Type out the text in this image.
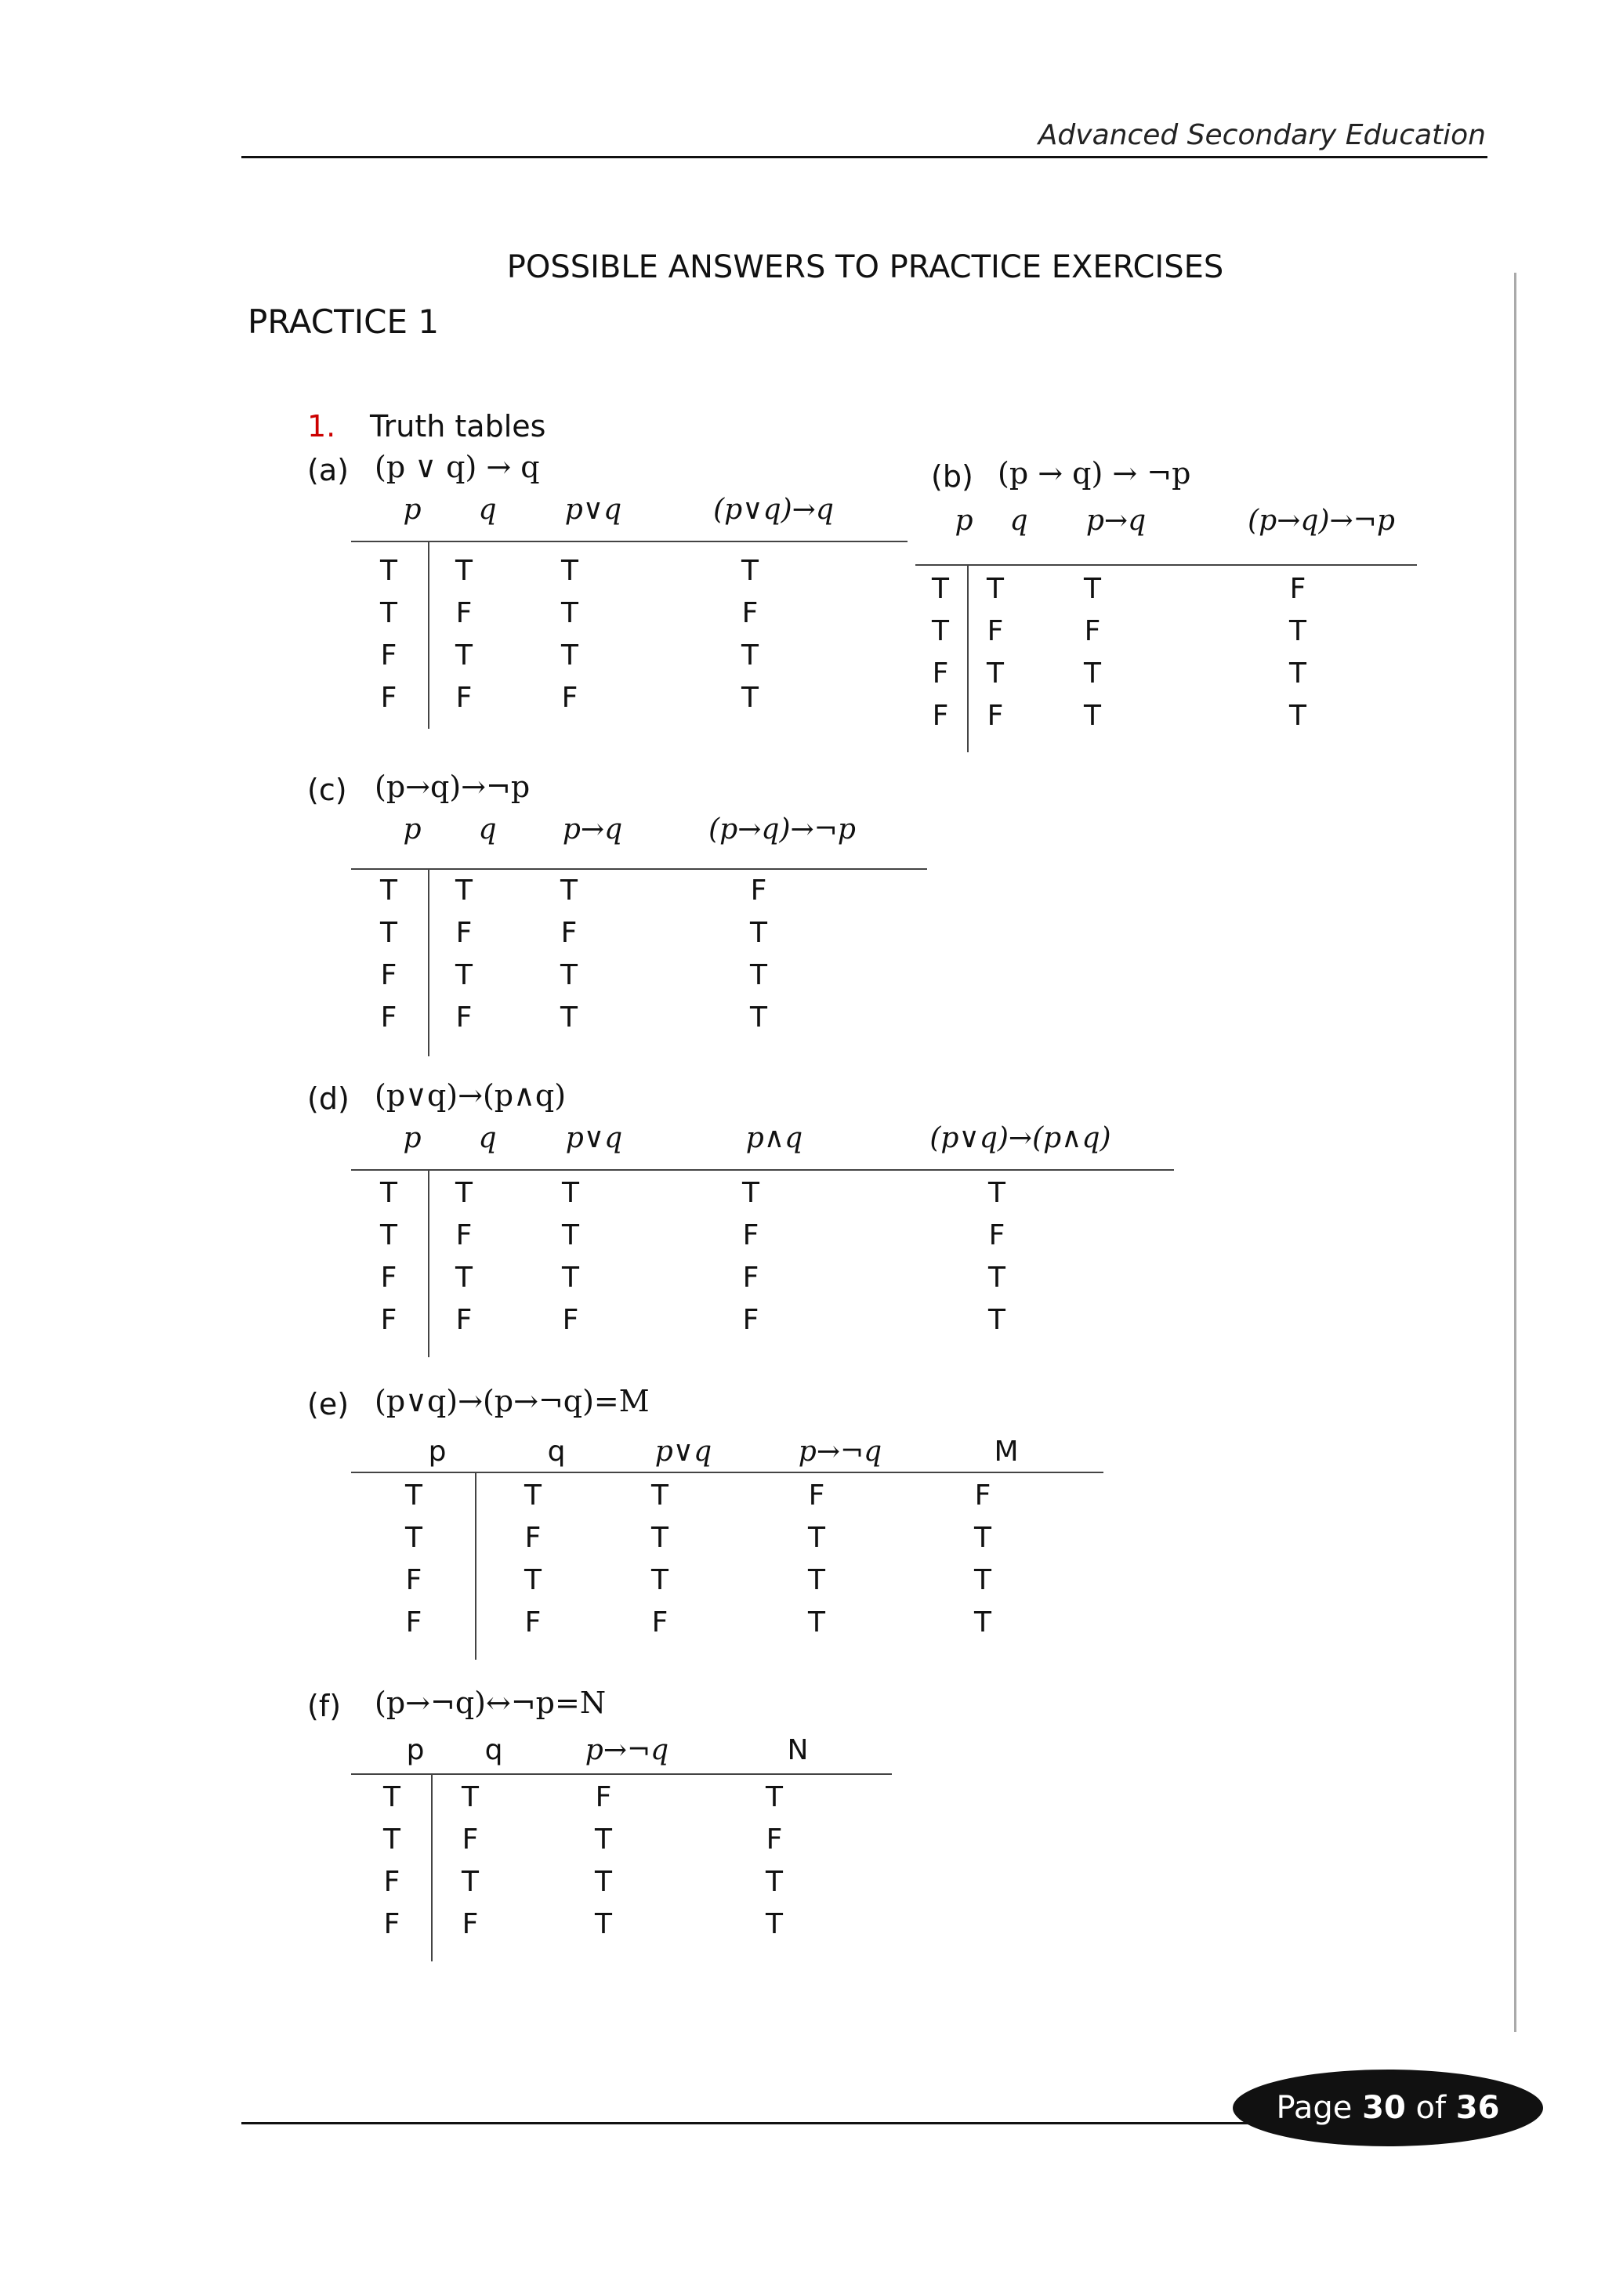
Advanced Secondary Education
POSSIBLE ANSWERS TO PRACTICE EXERCISES
PRACTICE 1
1. Truth tables
(a) (p ∨ q) → q
p	q	p∨q	(p∨q)→q
T	T	T	T
T	F	T	F
F	T	T	T
F	F	F	T
(b) (p → q) → ¬p
p	q	p→q	(p→q)→¬p
T	T	T	F
T	F	F	T
F	T	T	T
F	F	T	T
(c) (p→q)→¬p
p	q	p→q	(p→q)→¬p
T	T	T	F
T	F	F	T
F	T	T	T
F	F	T	T
(d) (p∨q)→(p∧q)
p	q	p∨q	p∧q	(p∨q)→(p∧q)
T	T	T	T	T
T	F	T	F	F
F	T	T	F	T
F	F	F	F	T
(e) (p∨q)→(p→¬q)=M
p	q	p∨q	p→¬q	M
T	T	T	F	F
T	F	T	T	T
F	T	T	T	T
F	F	F	T	T
(f) (p→¬q)↔¬p=N
p	q	p→¬q	N
T	T	F	T
T	F	T	F
F	T	T	T
F	F	T	T
Page 30 of 36
